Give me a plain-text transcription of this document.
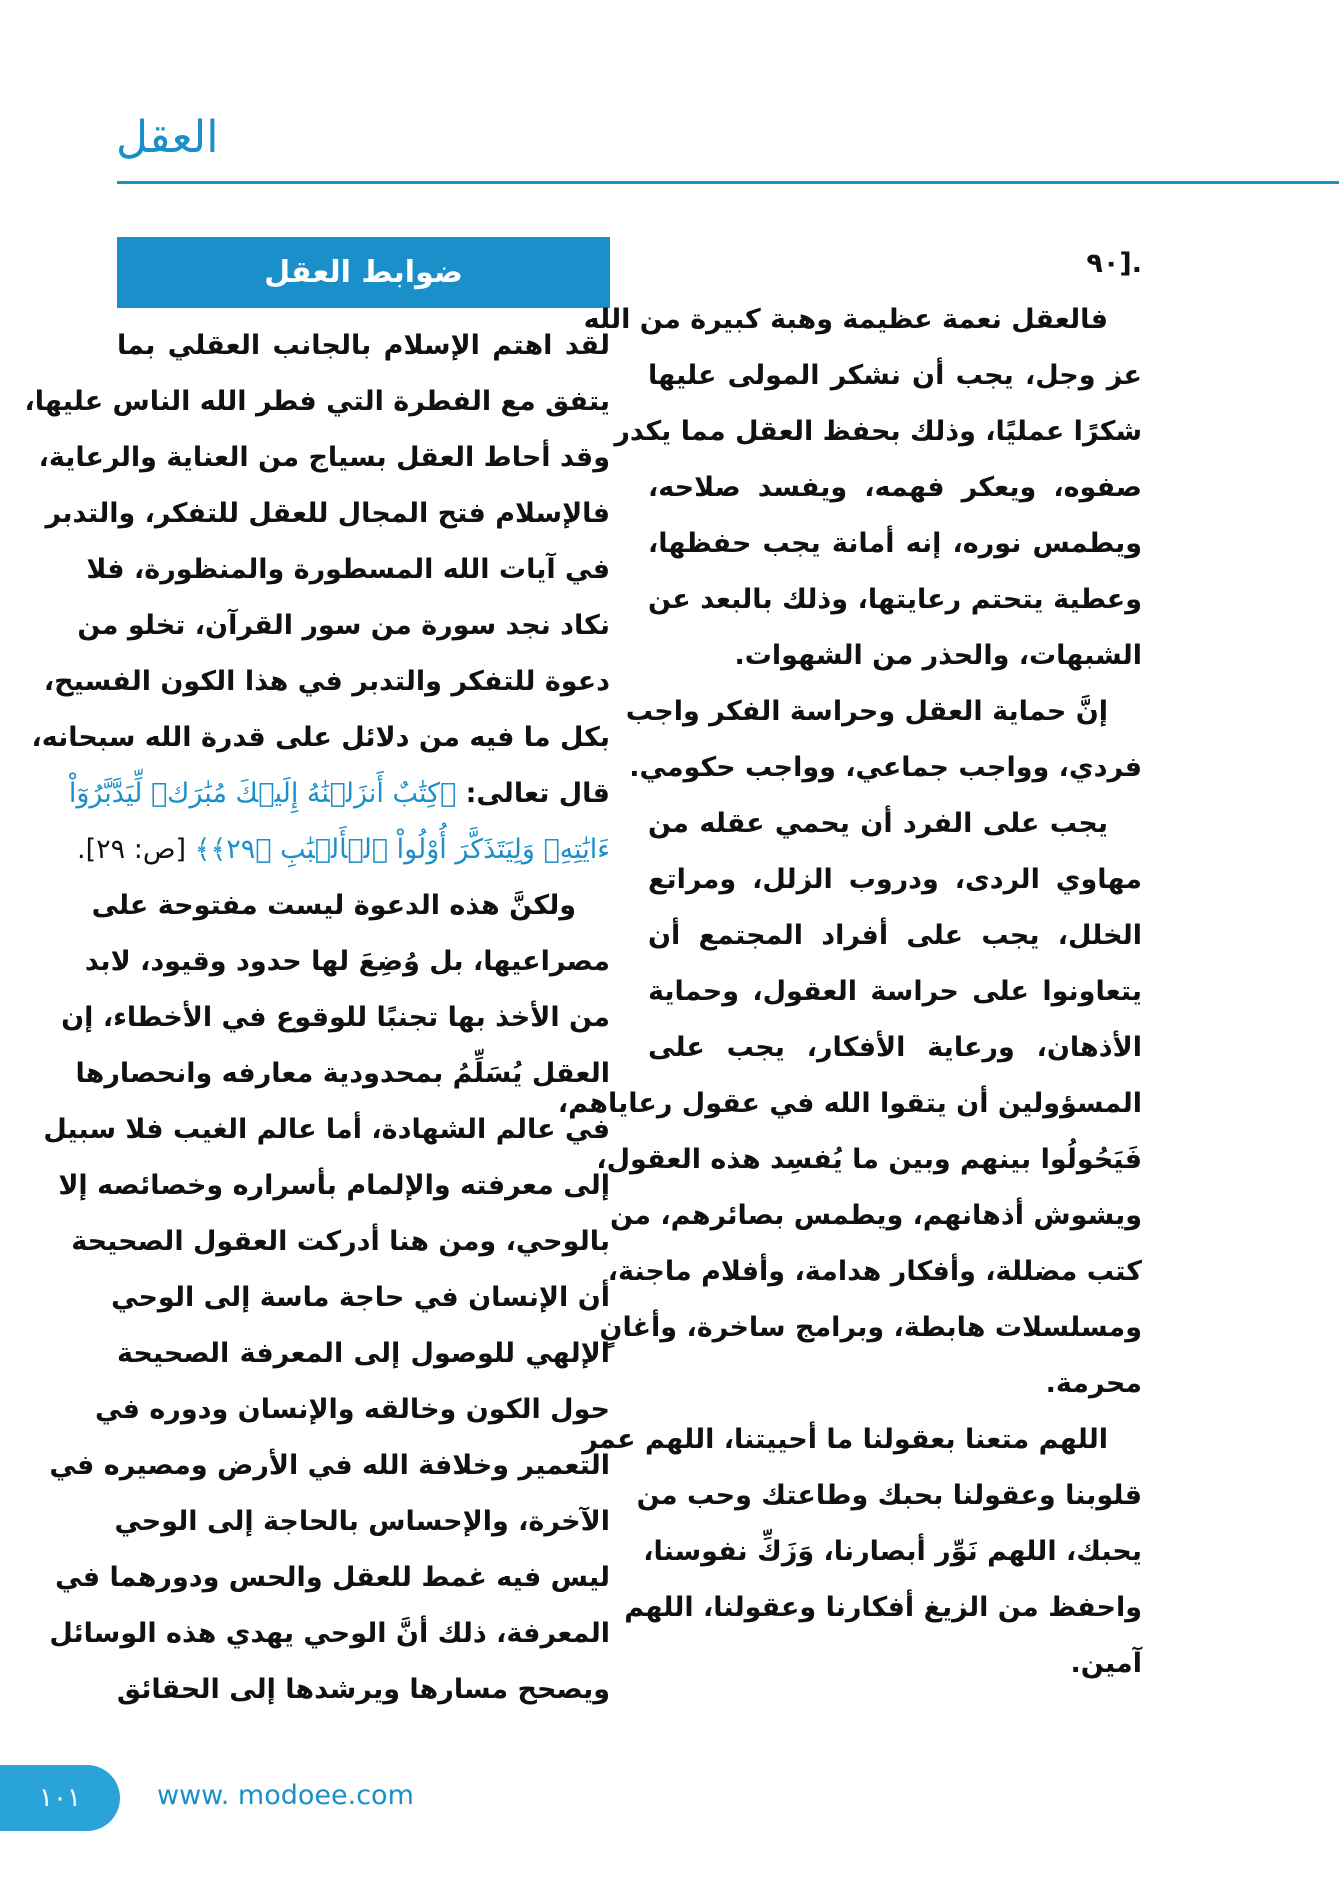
العقل
ضوابط العقل
لقد اهتم الإسلام بالجانب العقلي بما
يتفق مع الفطرة التي فطر الله الناس عليها،
وقد أحاط العقل بسياج من العناية والرعاية،
فالإسلام فتح المجال للعقل للتفكر، والتدبر
في آيات الله المسطورة والمنظورة، فلا
نكاد نجد سورة من سور القرآن، تخلو من
دعوة للتفكر والتدبر في هذا الكون الفسيح،
بكل ما فيه من دلائل على قدرة الله سبحانه،
قال تعالى: ﴿كِتَٰبٌ أَنزَلۡنَٰهُ إِلَيۡكَ مُبَٰرَكٞ لِّيَدَّبَّرُوٓاْ
ءَايَٰتِهِۦ وَلِيَتَذَكَّرَ أُوْلُواْ ٱلۡأَلۡبَٰبِ ﴿٢٩﴾﴾ [ص: ٢٩].
ولكنَّ هذه الدعوة ليست مفتوحة على
مصراعيها، بل وُضِعَ لها حدود وقيود، لابد
من الأخذ بها تجنبًا للوقوع في الأخطاء، إن
العقل يُسَلِّمُ بمحدودية معارفه وانحصارها
في عالم الشهادة، أما عالم الغيب فلا سبيل
إلى معرفته والإلمام بأسراره وخصائصه إلا
بالوحي، ومن هنا أدركت العقول الصحيحة
أن الإنسان في حاجة ماسة إلى الوحي
الإلهي للوصول إلى المعرفة الصحيحة
حول الكون وخالقه والإنسان ودوره في
التعمير وخلافة الله في الأرض ومصيره في
الآخرة، والإحساس بالحاجة إلى الوحي
ليس فيه غمط للعقل والحس ودورهما في
المعرفة، ذلك أنَّ الوحي يهدي هذه الوسائل
ويصحح مسارها ويرشدها إلى الحقائق
.[٩٠
فالعقل نعمة عظيمة وهبة كبيرة من الله
عز وجل، يجب أن نشكر المولى عليها
شكرًا عمليًا، وذلك بحفظ العقل مما يكدر
صفوه، ويعكر فهمه، ويفسد صلاحه،
ويطمس نوره، إنه أمانة يجب حفظها،
وعطية يتحتم رعايتها، وذلك بالبعد عن
الشبهات، والحذر من الشهوات.
إنَّ حماية العقل وحراسة الفكر واجب
فردي، وواجب جماعي، وواجب حكومي.
يجب على الفرد أن يحمي عقله من
مهاوي الردى، ودروب الزلل، ومراتع
الخلل، يجب على أفراد المجتمع أن
يتعاونوا على حراسة العقول، وحماية
الأذهان، ورعاية الأفكار، يجب على
المسؤولين أن يتقوا الله في عقول رعاياهم،
فَيَحُولُوا بينهم وبين ما يُفسِد هذه العقول،
ويشوش أذهانهم، ويطمس بصائرهم، من
كتب مضللة، وأفكار هدامة، وأفلام ماجنة،
ومسلسلات هابطة، وبرامج ساخرة، وأغانٍ
محرمة.
اللهم متعنا بعقولنا ما أحييتنا، اللهم عمر
قلوبنا وعقولنا بحبك وطاعتك وحب من
يحبك، اللهم نَوِّر أبصارنا، وَزَكِّ نفوسنا،
واحفظ من الزيغ أفكارنا وعقولنا، اللهم
آمين.
١٠١	www. modoee.com
